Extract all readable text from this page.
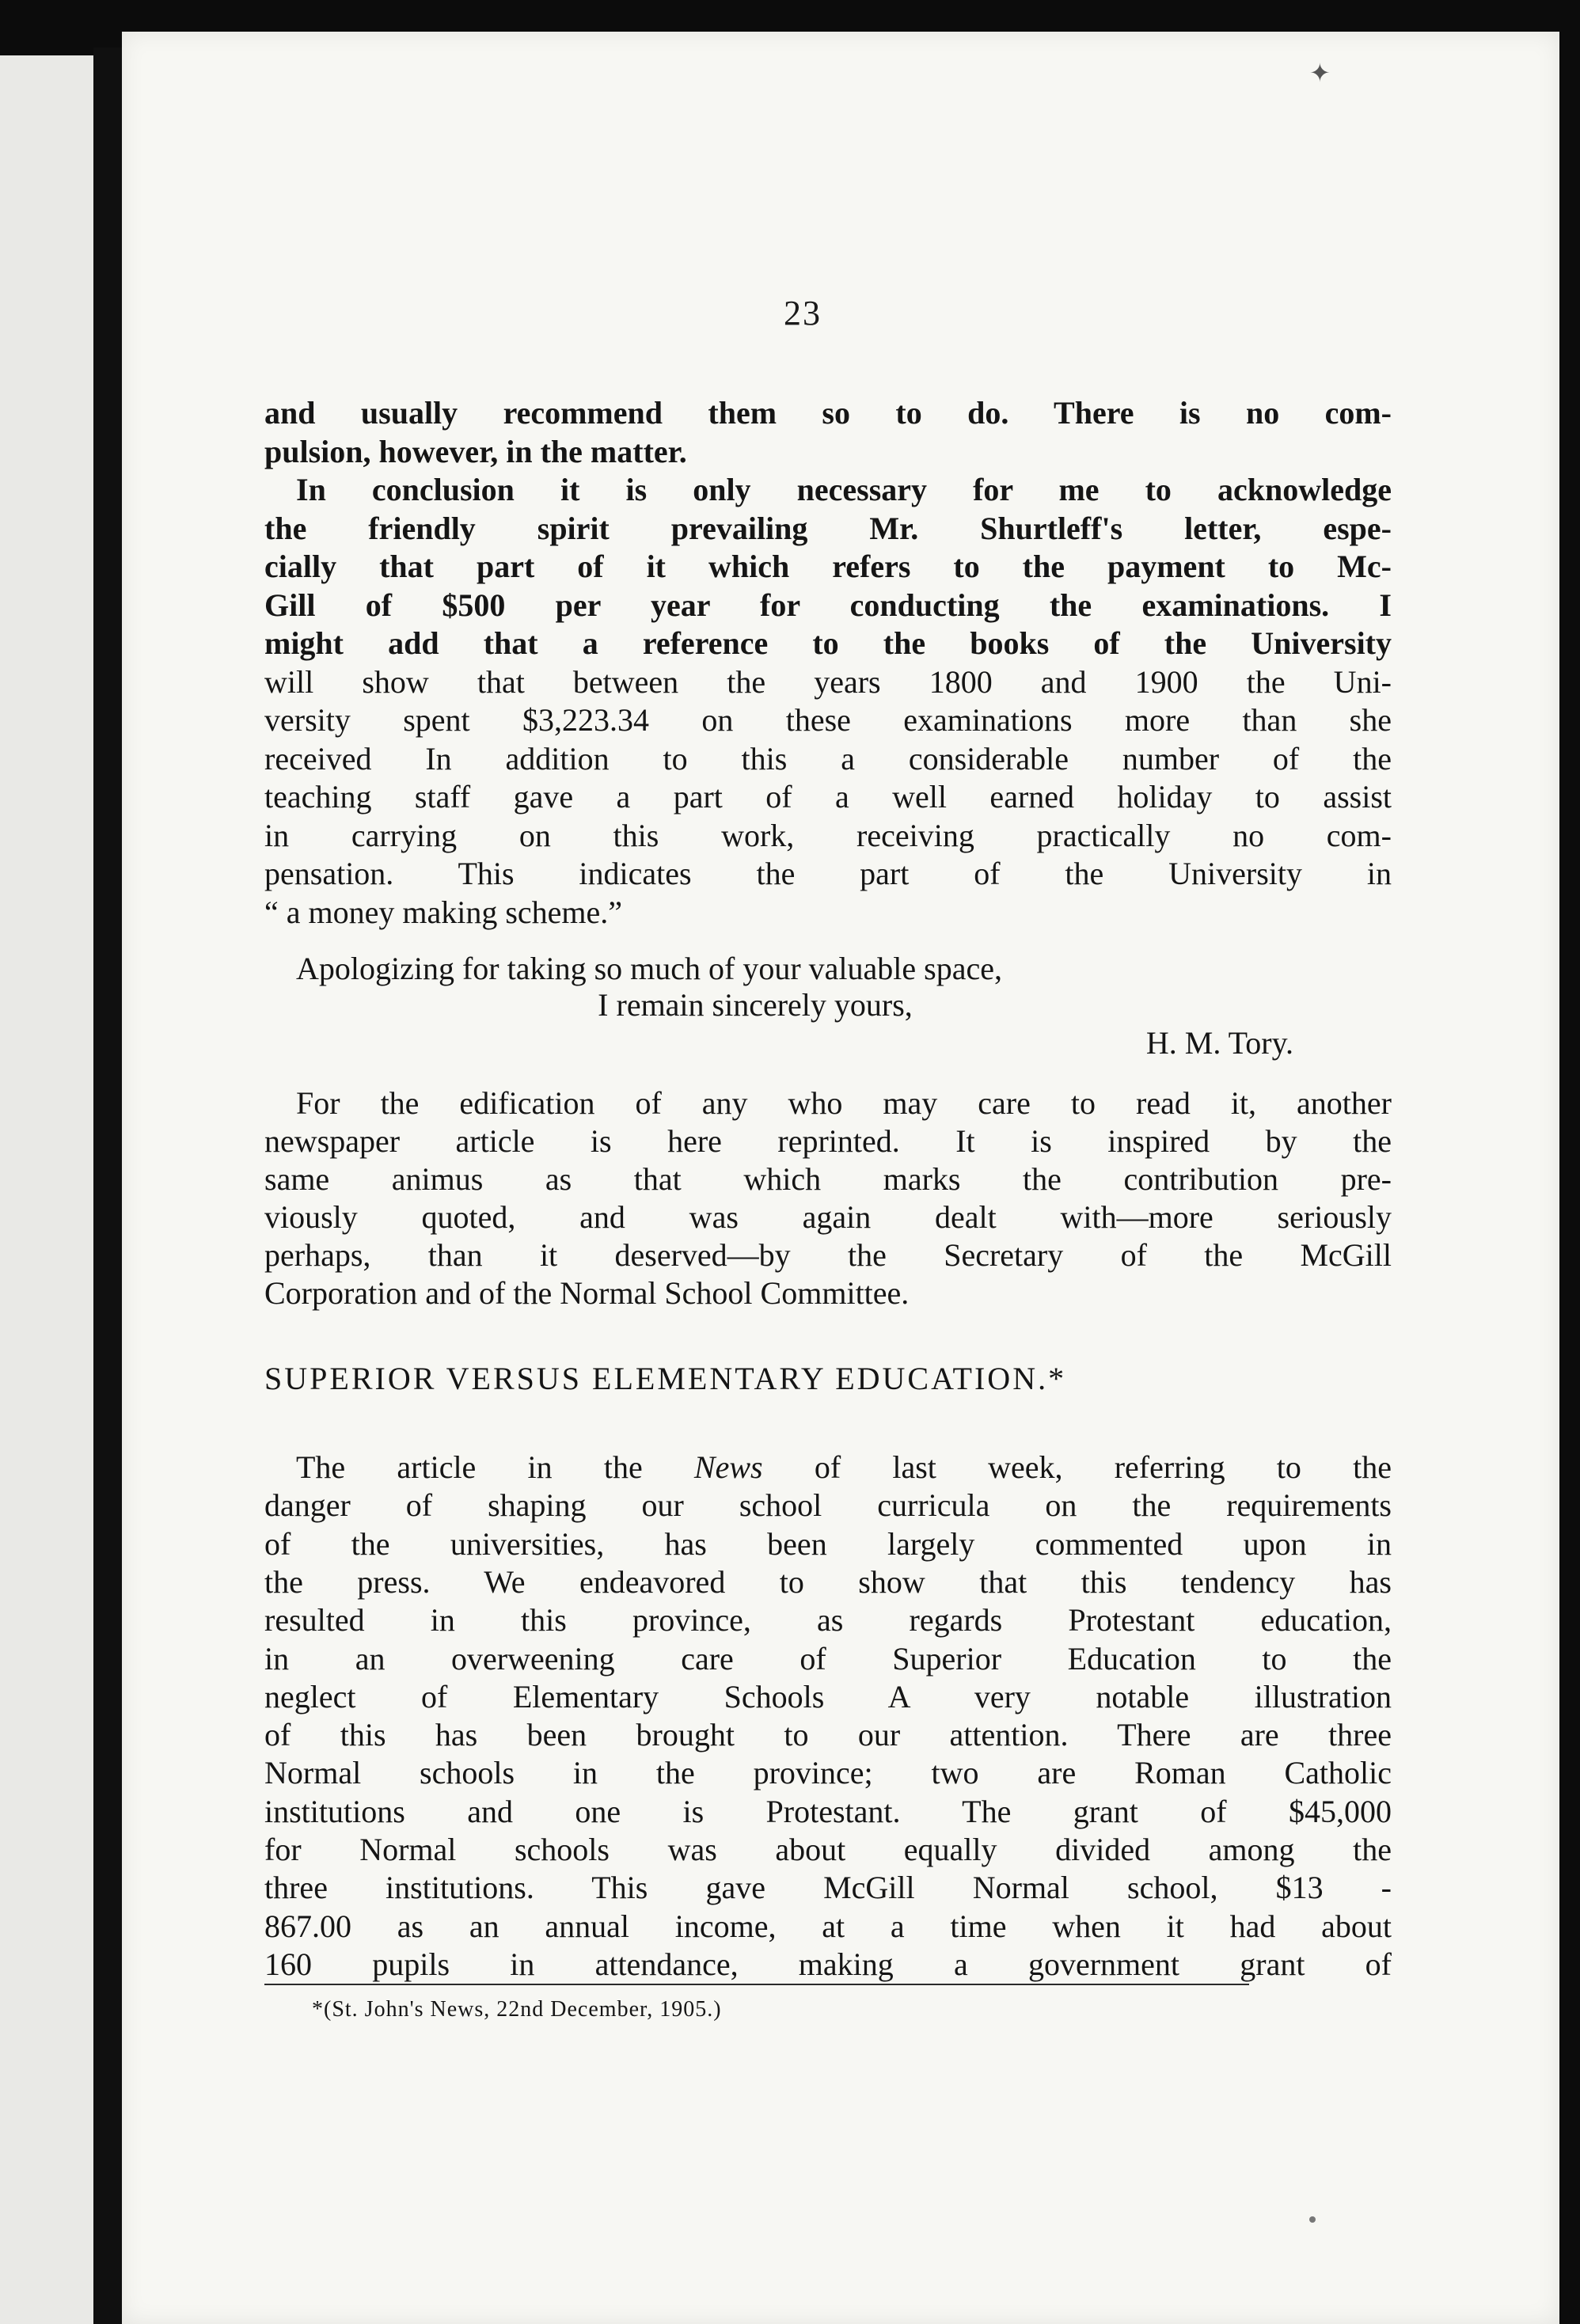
✦
23
and usually recommend them so to do. There is no com-
pulsion, however, in the matter.
In conclusion it is only necessary for me to acknowledge
the friendly spirit prevailing Mr. Shurtleff's letter, espe-
cially that part of it which refers to the payment to Mc-
Gill of $500 per year for conducting the examinations. I
might add that a reference to the books of the University
will show that between the years 1800 and 1900 the Uni-
versity spent $3,223.34 on these examinations more than she
received In addition to this a considerable number of the
teaching staff gave a part of a well earned holiday to assist
in carrying on this work, receiving practically no com-
pensation. This indicates the part of the University in
“ a money making scheme.”
Apologizing for taking so much of your valuable space,
I remain sincerely yours,
H. M. Tory.
For the edification of any who may care to read it, another
newspaper article is here reprinted. It is inspired by the
same animus as that which marks the contribution pre-
viously quoted, and was again dealt with—more seriously
perhaps, than it deserved—by the Secretary of the McGill
Corporation and of the Normal School Committee.
SUPERIOR VERSUS ELEMENTARY EDUCATION.*
The article in the News of last week, referring to the
danger of shaping our school curricula on the requirements
of the universities, has been largely commented upon in
the press. We endeavored to show that this tendency has
resulted in this province, as regards Protestant education,
in an overweening care of Superior Education to the
neglect of Elementary Schools A very notable illustration
of this has been brought to our attention. There are three
Normal schools in the province; two are Roman Catholic
institutions and one is Protestant. The grant of $45,000
for Normal schools was about equally divided among the
three institutions. This gave McGill Normal school, $13 -
867.00 as an annual income, at a time when it had about
160 pupils in attendance, making a government grant of
*(St. John's News, 22nd December, 1905.)
